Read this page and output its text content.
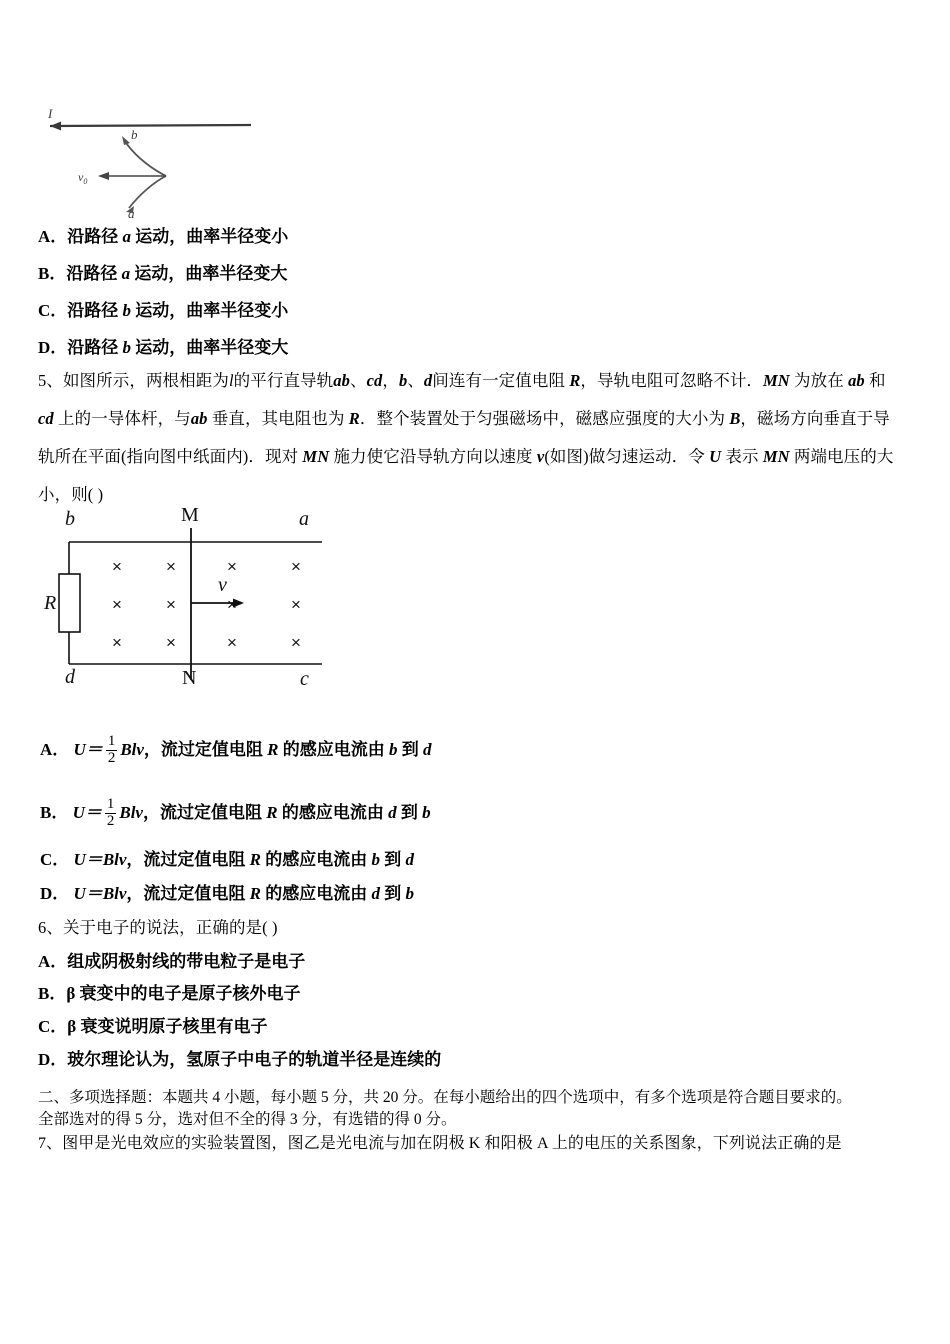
I
b
a
$v_0$
A．沿路径 a 运动，曲率半径变小
B．沿路径 a 运动，曲率半径变大
C．沿路径 b 运动，曲率半径变小
D．沿路径 b 运动，曲率半径变大
5、如图所示，两根相距为l的平行直导轨ab、cd，b、d间连有一定值电阻 R，导轨电阻可忽略不计．MN 为放在 ab 和
cd 上的一导体杆，与ab 垂直，其电阻也为 R．整个装置处于匀强磁场中，磁感应强度的大小为 B，磁场方向垂直于导
轨所在平面(指向图中纸面内)．现对 MN 施力使它沿导轨方向以速度 v(如图)做匀速运动．令 U 表示 MN 两端电压的大
小，则( )
b	M	a
d	N	c
R
v
×	×	×	×
×	×	×	×
×	×	×	×
A． $U= \frac{1}{2}$ Blv，流过定值电阻 R 的感应电流由 b 到 d
B． $U= \frac{1}{2}$ Blv，流过定值电阻 R 的感应电流由 d 到 b
C． U＝Blv，流过定值电阻 R 的感应电流由 b 到 d
D． U＝Blv，流过定值电阻 R 的感应电流由 d 到 b
6、关于电子的说法，正确的是( )
A．组成阴极射线的带电粒子是电子
B．β 衰变中的电子是原子核外电子
C．β 衰变说明原子核里有电子
D．玻尔理论认为，氢原子中电子的轨道半径是连续的
二、多项选择题：本题共 4 小题，每小题 5 分，共 20 分。在每小题给出的四个选项中，有多个选项是符合题目要求的。
全部选对的得 5 分，选对但不全的得 3 分，有选错的得 0 分。
7、图甲是光电效应的实验装置图，图乙是光电流与加在阴极 K 和阳极 A 上的电压的关系图象，下列说法正确的是
